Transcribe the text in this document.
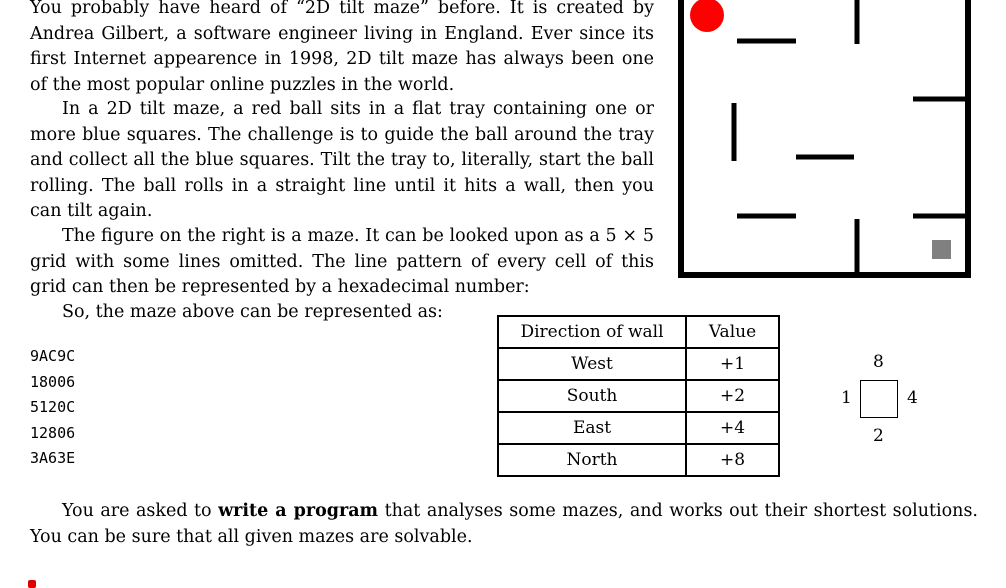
You probably have heard of “2D tilt maze” before. It is created by Andrea Gilbert, a software engineer living in England. Ever since its first Internet appearence in 1998, 2D tilt maze has always been one of the most popular online puzzles in the world.

In a 2D tilt maze, a red ball sits in a flat tray containing one or more blue squares. The challenge is to guide the ball around the tray and collect all the blue squares. Tilt the tray to, literally, start the ball rolling. The ball rolls in a straight line until it hits a wall, then you can tilt again.

The figure on the right is a maze. It can be looked upon as a 5 × 5 grid with some lines omitted. The line pattern of every cell of this grid can then be represented by a hexadecimal number:

So, the maze above can be represented as:

9AC9C
18006
5120C
12806
3A63E
Direction of wall	Value
West	+1
South	+2
East	+4
North	+8
8
1	4
2

You are asked to write a program that analyses some mazes, and works out their shortest solutions. You can be sure that all given mazes are solvable.
